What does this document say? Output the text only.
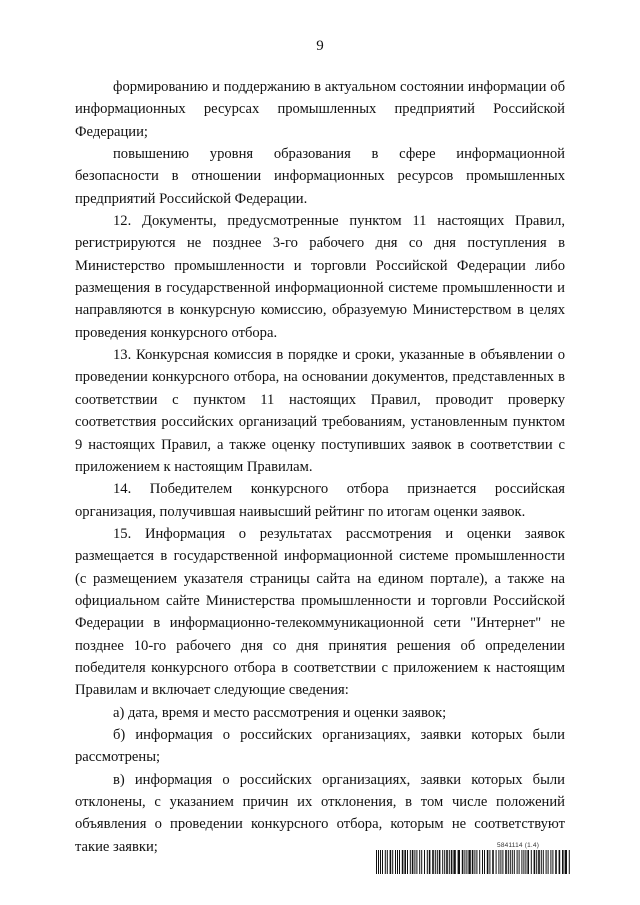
9

формированию и поддержанию в актуальном состоянии информации об информационных ресурсах промышленных предприятий Российской Федерации;

повышению уровня образования в сфере информационной безопасности в отношении информационных ресурсов промышленных предприятий Российской Федерации.

12. Документы, предусмотренные пунктом 11 настоящих Правил, регистрируются не позднее 3-го рабочего дня со дня поступления в Министерство промышленности и торговли Российской Федерации либо размещения в государственной информационной системе промышленности и направляются в конкурсную комиссию, образуемую Министерством в целях проведения конкурсного отбора.

13. Конкурсная комиссия в порядке и сроки, указанные в объявлении о проведении конкурсного отбора, на основании документов, представленных в соответствии с пунктом 11 настоящих Правил, проводит проверку соответствия российских организаций требованиям, установленным пунктом 9 настоящих Правил, а также оценку поступивших заявок в соответствии с приложением к настоящим Правилам.

14. Победителем конкурсного отбора признается российская организация, получившая наивысший рейтинг по итогам оценки заявок.

15. Информация о результатах рассмотрения и оценки заявок размещается в государственной информационной системе промышленности (с размещением указателя страницы сайта на едином портале), а также на официальном сайте Министерства промышленности и торговли Российской Федерации в информационно-телекоммуникационной сети "Интернет" не позднее 10-го рабочего дня со дня принятия решения об определении победителя конкурсного отбора в соответствии с приложением к настоящим Правилам и включает следующие сведения:

а) дата, время и место рассмотрения и оценки заявок;

б) информация о российских организациях, заявки которых были рассмотрены;

в) информация о российских организациях, заявки которых были отклонены, с указанием причин их отклонения, в том числе положений объявления о проведении конкурсного отбора, которым не соответствуют такие заявки;	5841114 (1.4)
